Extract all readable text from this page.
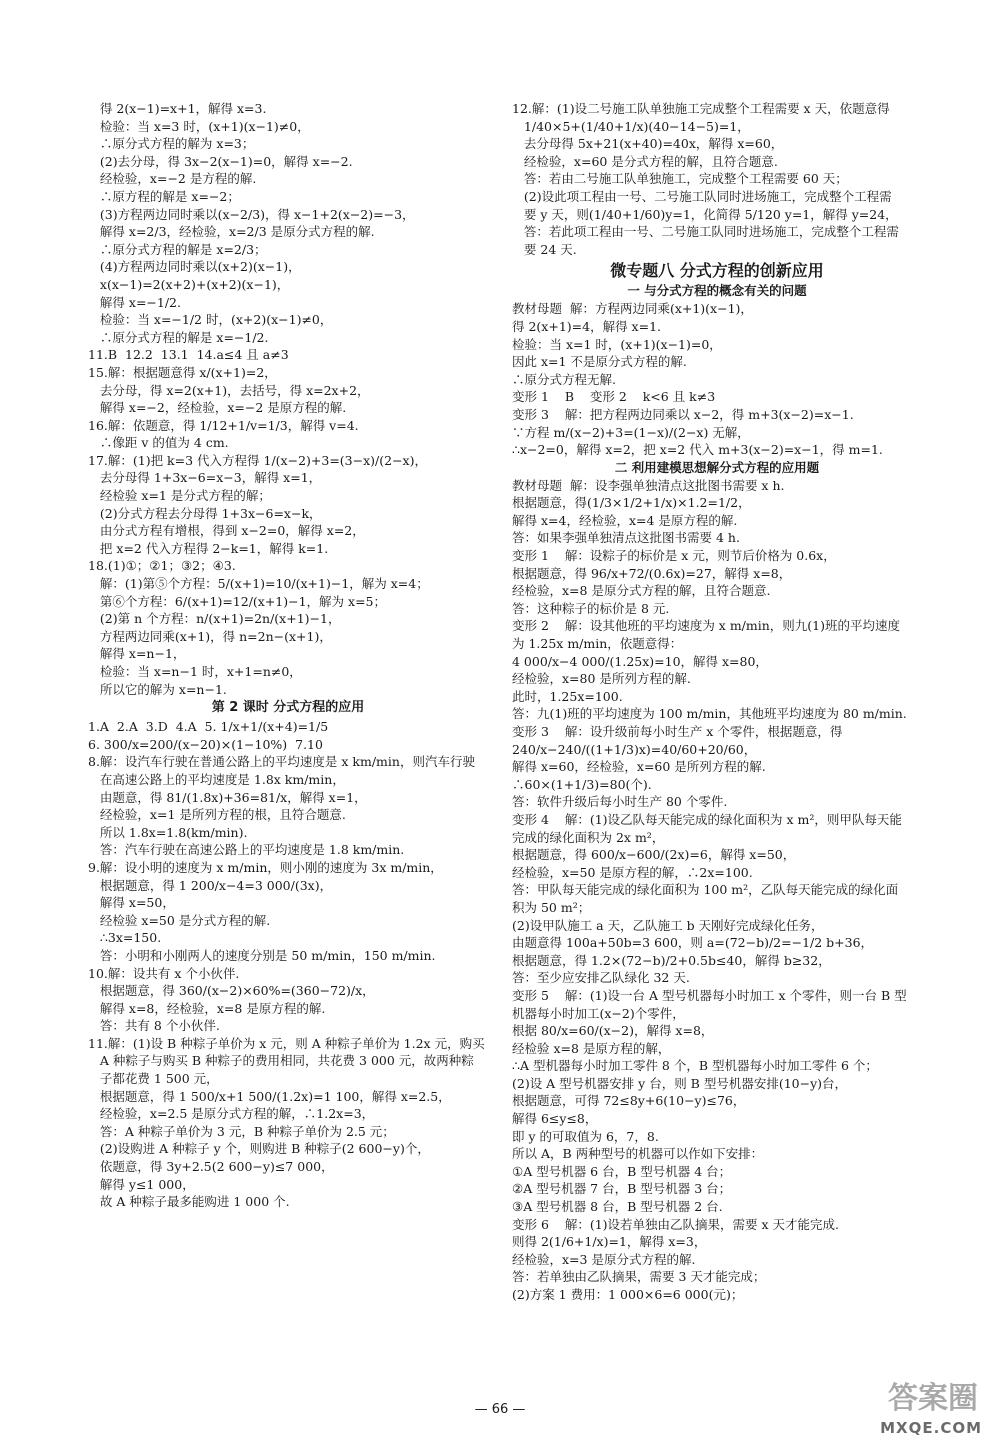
得 2(x−1)=x+1，解得 x=3.
检验：当 x=3 时，(x+1)(x−1)≠0，
∴原分式方程的解为 x=3；
(2)去分母，得 3x−2(x−1)=0，解得 x=−2.
经检验，x=−2 是方程的解.
∴原方程的解是 x=−2；
(3)方程两边同时乘以(x−2/3)，得 x−1+2(x−2)=−3，
解得 x=2/3，经检验，x=2/3 是原分式方程的解.
∴原分式方程的解是 x=2/3；
(4)方程两边同时乘以(x+2)(x−1)，
x(x−1)=2(x+2)+(x+2)(x−1)，
解得 x=−1/2.
检验：当 x=−1/2 时，(x+2)(x−1)≠0，
∴原分式方程的解是 x=−1/2.
11.B  12.2  13.1  14.a≤4 且 a≠3
15.解：根据题意得 x/(x+1)=2，
去分母，得 x=2(x+1)，去括号，得 x=2x+2，
解得 x=−2，经检验，x=−2 是原方程的解.
16.解：依题意，得 1/12+1/v=1/3，解得 v=4.
∴像距 v 的值为 4 cm.
17.解：(1)把 k=3 代入方程得 1/(x−2)+3=(3−x)/(2−x)，
去分母得 1+3x−6=x−3，解得 x=1，
经检验 x=1 是分式方程的解；
(2)分式方程去分母得 1+3x−6=x−k，
由分式方程有增根，得到 x−2=0，解得 x=2，
把 x=2 代入方程得 2−k=1，解得 k=1.
18.(1)①；②1；③2；④3.
解：(1)第⑤个方程：5/(x+1)=10/(x+1)−1，解为 x=4；
第⑥个方程：6/(x+1)=12/(x+1)−1，解为 x=5；
(2)第 n 个方程：n/(x+1)=2n/(x+1)−1，
方程两边同乘(x+1)，得 n=2n−(x+1)，
解得 x=n−1，
检验：当 x=n−1 时，x+1=n≠0，
所以它的解为 x=n−1.
第 2 课时 分式方程的应用
1.A  2.A  3.D  4.A  5. 1/x+1/(x+4)=1/5
6. 300/x=200/(x−20)×(1−10%)  7.10
8.解：设汽车行驶在普通公路上的平均速度是 x km/min，则汽车行驶
在高速公路上的平均速度是 1.8x km/min，
由题意，得 81/(1.8x)+36=81/x，解得 x=1，
经检验，x=1 是所列方程的根，且符合题意.
所以 1.8x=1.8(km/min).
答：汽车行驶在高速公路上的平均速度是 1.8 km/min.
9.解：设小明的速度为 x m/min，则小刚的速度为 3x m/min，
根据题意，得 1 200/x−4=3 000/(3x)，
解得 x=50，
经检验 x=50 是分式方程的解.
∴3x=150.
答：小明和小刚两人的速度分别是 50 m/min，150 m/min.
10.解：设共有 x 个小伙伴.
根据题意，得 360/(x−2)×60%=(360−72)/x，
解得 x=8，经检验，x=8 是原方程的解.
答：共有 8 个小伙伴.
11.解：(1)设 B 种粽子单价为 x 元，则 A 种粽子单价为 1.2x 元，购买
A 种粽子与购买 B 种粽子的费用相同，共花费 3 000 元，故两种粽
子都花费 1 500 元，
根据题意，得 1 500/x+1 500/(1.2x)=1 100，解得 x=2.5，
经检验，x=2.5 是原分式方程的解，∴1.2x=3，
答：A 种粽子单价为 3 元，B 种粽子单价为 2.5 元；
(2)设购进 A 种粽子 y 个，则购进 B 种粽子(2 600−y)个，
依题意，得 3y+2.5(2 600−y)≤7 000，
解得 y≤1 000，
故 A 种粽子最多能购进 1 000 个.
12.解：(1)设二号施工队单独施工完成整个工程需要 x 天，依题意得
1/40×5+(1/40+1/x)(40−14−5)=1，
去分母得 5x+21(x+40)=40x，解得 x=60，
经检验，x=60 是分式方程的解，且符合题意.
答：若由二号施工队单独施工，完成整个工程需要 60 天；
(2)设此项工程由一号、二号施工队同时进场施工，完成整个工程需
要 y 天，则(1/40+1/60)y=1，化简得 5/120 y=1，解得 y=24，
答：若此项工程由一号、二号施工队同时进场施工，完成整个工程需
要 24 天.
微专题八 分式方程的创新应用
一 与分式方程的概念有关的问题
教材母题  解：方程两边同乘(x+1)(x−1)，
得 2(x+1)=4，解得 x=1.
检验：当 x=1 时，(x+1)(x−1)=0，
因此 x=1 不是原分式方程的解.
∴原分式方程无解.
变形 1    B    变形 2    k<6 且 k≠3
变形 3    解：把方程两边同乘以 x−2，得 m+3(x−2)=x−1.
∵方程 m/(x−2)+3=(1−x)/(2−x) 无解，
∴x−2=0，解得 x=2，把 x=2 代入 m+3(x−2)=x−1，得 m=1.
二 利用建模思想解分式方程的应用题
教材母题  解：设李强单独清点这批图书需要 x h.
根据题意，得(1/3×1/2+1/x)×1.2=1/2，
解得 x=4，经检验，x=4 是原方程的解.
答：如果李强单独清点这批图书需要 4 h.
变形 1    解：设粽子的标价是 x 元，则节后价格为 0.6x，
根据题意，得 96/x+72/(0.6x)=27，解得 x=8，
经检验，x=8 是原分式方程的解，且符合题意.
答：这种粽子的标价是 8 元.
变形 2    解：设其他班的平均速度为 x m/min，则九(1)班的平均速度
为 1.25x m/min，依题意得：
4 000/x−4 000/(1.25x)=10，解得 x=80，
经检验，x=80 是所列方程的解.
此时，1.25x=100.
答：九(1)班的平均速度为 100 m/min，其他班平均速度为 80 m/min.
变形 3    解：设升级前每小时生产 x 个零件，根据题意，得
240/x−240/((1+1/3)x)=40/60+20/60，
解得 x=60，经检验，x=60 是所列方程的解.
∴60×(1+1/3)=80(个).
答：软件升级后每小时生产 80 个零件.
变形 4    解：(1)设乙队每天能完成的绿化面积为 x m²，则甲队每天能
完成的绿化面积为 2x m²，
根据题意，得 600/x−600/(2x)=6，解得 x=50，
经检验，x=50 是原方程的解，∴2x=100.
答：甲队每天能完成的绿化面积为 100 m²，乙队每天能完成的绿化面
积为 50 m²；
(2)设甲队施工 a 天，乙队施工 b 天刚好完成绿化任务，
由题意得 100a+50b=3 600，则 a=(72−b)/2=−1/2 b+36，
根据题意，得 1.2×(72−b)/2+0.5b≤40，解得 b≥32，
答：至少应安排乙队绿化 32 天.
变形 5    解：(1)设一台 A 型号机器每小时加工 x 个零件，则一台 B 型
机器每小时加工(x−2)个零件，
根据 80/x=60/(x−2)，解得 x=8，
经检验 x=8 是原方程的解，
∴A 型机器每小时加工零件 8 个，B 型机器每小时加工零件 6 个；
(2)设 A 型号机器安排 y 台，则 B 型号机器安排(10−y)台，
根据题意，可得 72≤8y+6(10−y)≤76，
解得 6≤y≤8，
即 y 的可取值为 6，7，8.
所以 A，B 两种型号的机器可以作如下安排：
①A 型号机器 6 台，B 型号机器 4 台；
②A 型号机器 7 台，B 型号机器 3 台；
③A 型号机器 8 台，B 型号机器 2 台.
变形 6    解：(1)设若单独由乙队摘果，需要 x 天才能完成.
则得 2(1/6+1/x)=1，解得 x=3，
经检验，x=3 是原分式方程的解.
答：若单独由乙队摘果，需要 3 天才能完成；
(2)方案 1 费用：1 000×6=6 000(元)；
— 66 —	答案圈
MXQE.COM
